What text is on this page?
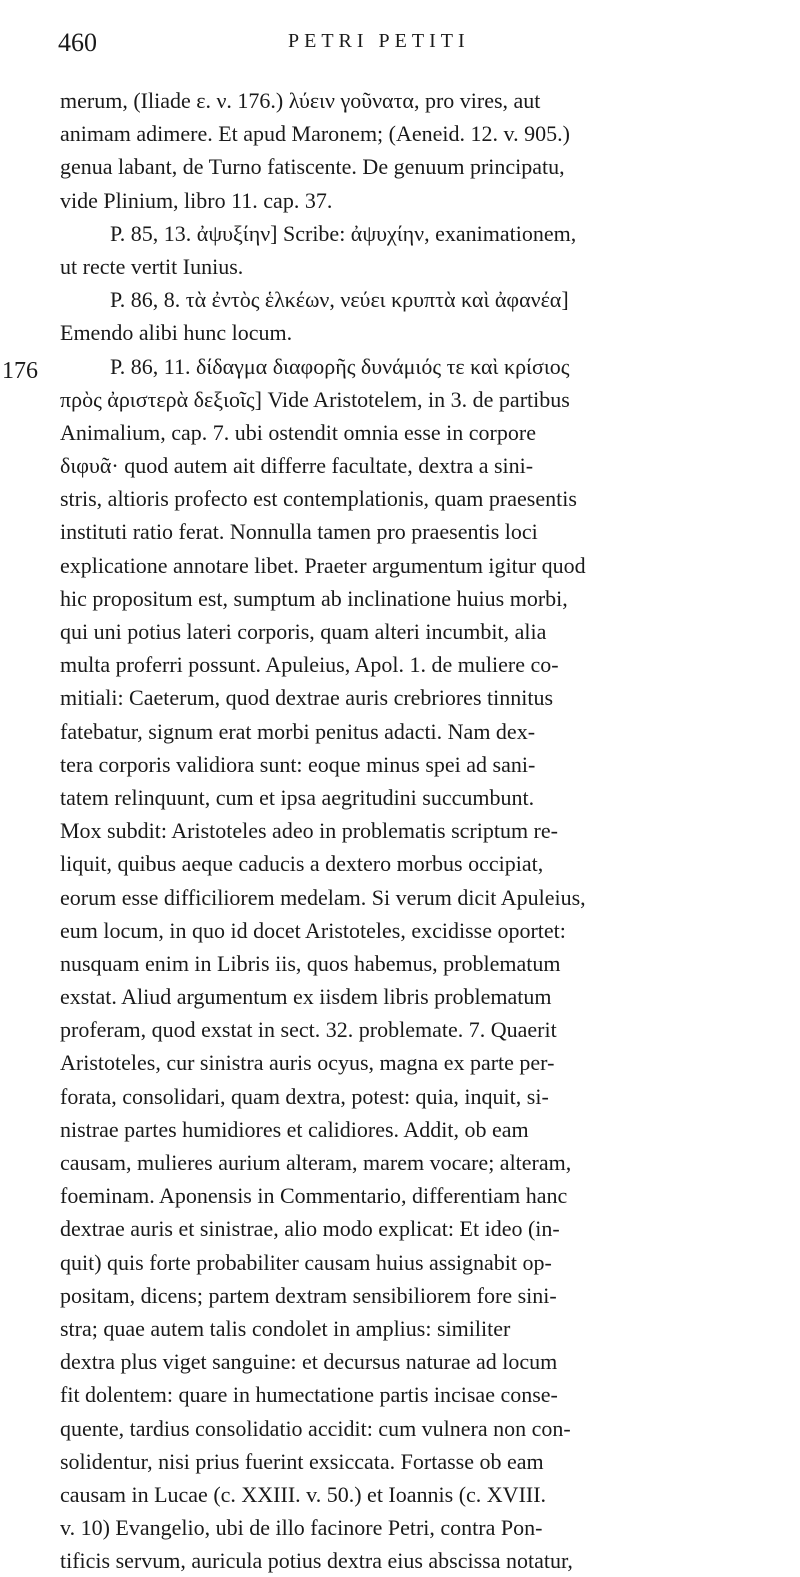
460	PETRI PETITI
176
merum, (Iliade ε. ν. 176.) λύειν γοῦνατα, pro vires, aut
animam adimere. Et apud Maronem; (Aeneid. 12. v. 905.)
genua labant, de Turno fatiscente. De genuum principatu,
vide Plinium, libro 11. cap. 37.
P. 85, 13. ἀψυξίην] Scribe: ἀψυχίην, exanimationem,
ut recte vertit Iunius.
P. 86, 8. τὰ ἐντὸς ἑλκέων, νεύει κρυπτὰ καὶ ἀφανέα]
Emendo alibi hunc locum.
P. 86, 11. δίδαγμα διαφορῆς δυνάμιός τε καὶ κρίσιος
πρὸς ἀριστερὰ δεξιοῖς] Vide Aristotelem, in 3. de partibus
Animalium, cap. 7. ubi ostendit omnia esse in corpore
διφυᾶ· quod autem ait differre facultate, dextra a sini-
stris, altioris profecto est contemplationis, quam praesentis
instituti ratio ferat. Nonnulla tamen pro praesentis loci
explicatione annotare libet. Praeter argumentum igitur quod
hic propositum est, sumptum ab inclinatione huius morbi,
qui uni potius lateri corporis, quam alteri incumbit, alia
multa proferri possunt. Apuleius, Apol. 1. de muliere co-
mitiali: Caeterum, quod dextrae auris crebriores tinnitus
fatebatur, signum erat morbi penitus adacti. Nam dex-
tera corporis validiora sunt: eoque minus spei ad sani-
tatem relinquunt, cum et ipsa aegritudini succumbunt.
Mox subdit: Aristoteles adeo in problematis scriptum re-
liquit, quibus aeque caducis a dextero morbus occipiat,
eorum esse difficiliorem medelam. Si verum dicit Apuleius,
eum locum, in quo id docet Aristoteles, excidisse oportet:
nusquam enim in Libris iis, quos habemus, problematum
exstat. Aliud argumentum ex iisdem libris problematum
proferam, quod exstat in sect. 32. problemate. 7. Quaerit
Aristoteles, cur sinistra auris ocyus, magna ex parte per-
forata, consolidari, quam dextra, potest: quia, inquit, si-
nistrae partes humidiores et calidiores. Addit, ob eam
causam, mulieres aurium alteram, marem vocare; alteram,
foeminam. Aponensis in Commentario, differentiam hanc
dextrae auris et sinistrae, alio modo explicat: Et ideo (in-
quit) quis forte probabiliter causam huius assignabit op-
positam, dicens; partem dextram sensibiliorem fore sini-
stra; quae autem talis condolet in amplius: similiter
dextra plus viget sanguine: et decursus naturae ad locum
fit dolentem: quare in humectatione partis incisae conse-
quente, tardius consolidatio accidit: cum vulnera non con-
solidentur, nisi prius fuerint exsiccata. Fortasse ob eam
causam in Lucae (c. XXIII. v. 50.) et Ioannis (c. XVIII.
v. 10) Evangelio, ubi de illo facinore Petri, contra Pon-
tificis servum, auricula potius dextra eius abscissa notatur,
